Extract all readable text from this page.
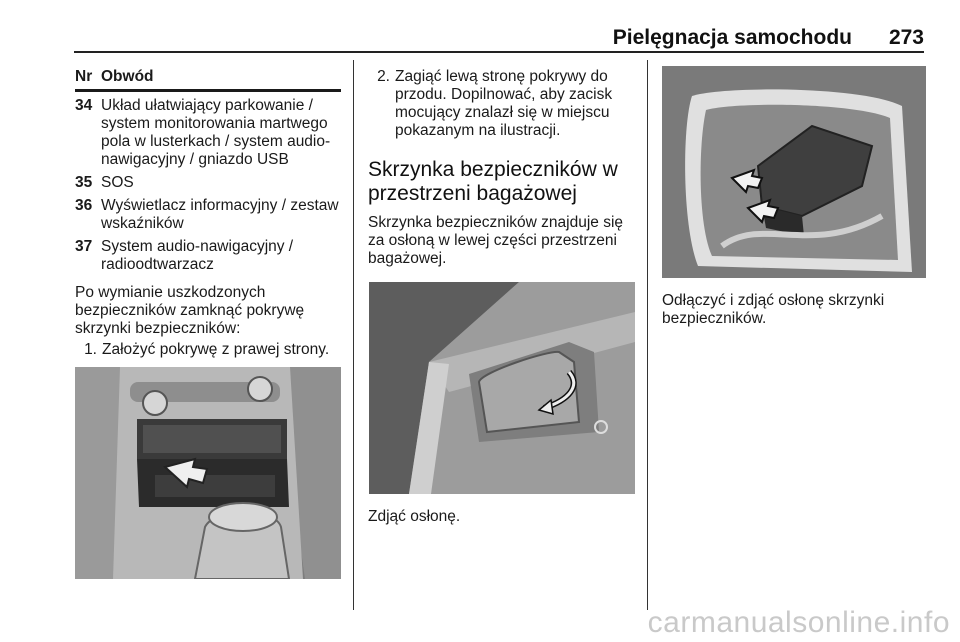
Pielęgnacja samochodu 273
Nr Obwód
34 Układ ułatwiający parkowanie / system monitorowania martwego pola w lusterkach / system audio-nawigacyjny / gniazdo USB
35 SOS
36 Wyświetlacz informacyjny / zestaw wskaźników
37 System audio-nawigacyjny / radioodtwarzacz

Po wymianie uszkodzonych bezpieczników zamknąć pokrywę skrzynki bezpieczników:

1. Założyć pokrywę z prawej strony.
2. Zagiąć lewą stronę pokrywy do przodu. Dopilnować, aby zacisk mocujący znalazł się w miejscu pokazanym na ilustracji.
Skrzynka bezpieczników w przestrzeni bagażowej

Skrzynka bezpieczników znajduje się za osłoną w lewej części przestrzeni bagażowej.

Zdjąć osłonę.

Odłączyć i zdjąć osłonę skrzynki bezpieczników.

carmanualsonline.info
